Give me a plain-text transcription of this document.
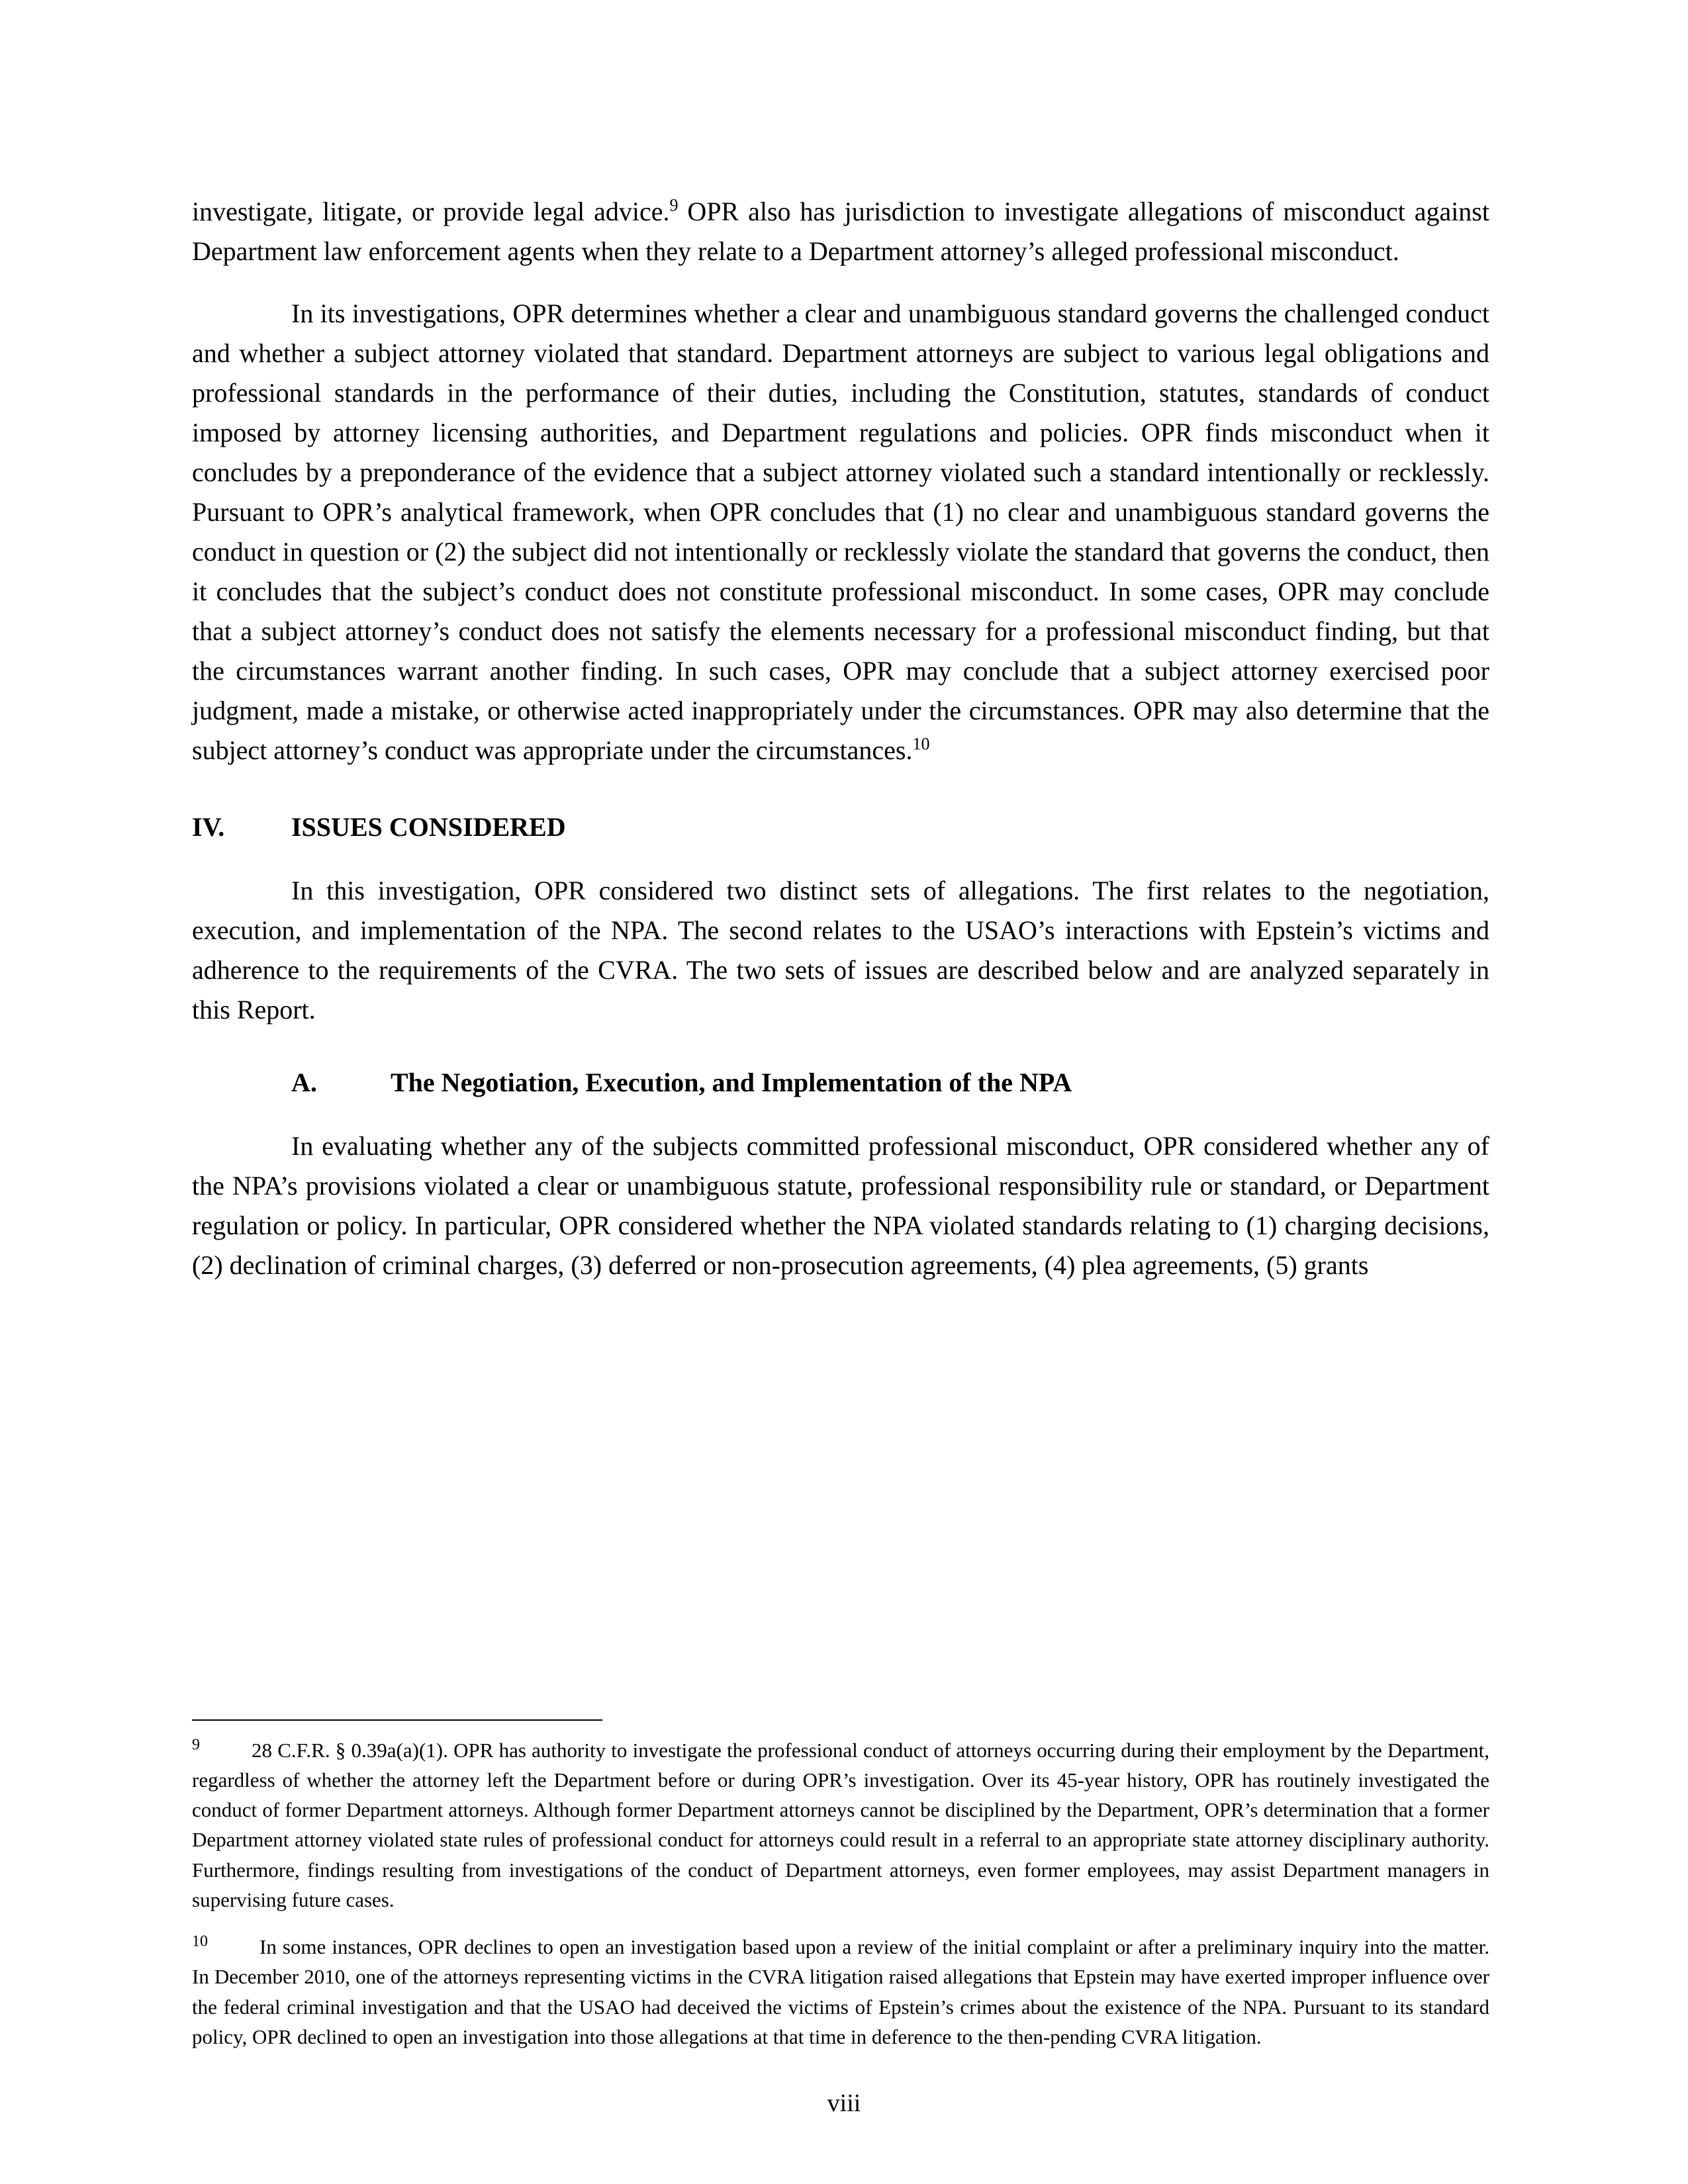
investigate, litigate, or provide legal advice.$^9$ OPR also has jurisdiction to investigate allegations of misconduct against Department law enforcement agents when they relate to a Department attorney’s alleged professional misconduct.

In its investigations, OPR determines whether a clear and unambiguous standard governs the challenged conduct and whether a subject attorney violated that standard. Department attorneys are subject to various legal obligations and professional standards in the performance of their duties, including the Constitution, statutes, standards of conduct imposed by attorney licensing authorities, and Department regulations and policies. OPR finds misconduct when it concludes by a preponderance of the evidence that a subject attorney violated such a standard intentionally or recklessly. Pursuant to OPR’s analytical framework, when OPR concludes that (1) no clear and unambiguous standard governs the conduct in question or (2) the subject did not intentionally or recklessly violate the standard that governs the conduct, then it concludes that the subject’s conduct does not constitute professional misconduct. In some cases, OPR may conclude that a subject attorney’s conduct does not satisfy the elements necessary for a professional misconduct finding, but that the circumstances warrant another finding. In such cases, OPR may conclude that a subject attorney exercised poor judgment, made a mistake, or otherwise acted inappropriately under the circumstances. OPR may also determine that the subject attorney’s conduct was appropriate under the circumstances.$^{10}$

IV.	ISSUES CONSIDERED

In this investigation, OPR considered two distinct sets of allegations. The first relates to the negotiation, execution, and implementation of the NPA. The second relates to the USAO’s interactions with Epstein’s victims and adherence to the requirements of the CVRA. The two sets of issues are described below and are analyzed separately in this Report.

A.	The Negotiation, Execution, and Implementation of the NPA

In evaluating whether any of the subjects committed professional misconduct, OPR considered whether any of the NPA’s provisions violated a clear or unambiguous statute, professional responsibility rule or standard, or Department regulation or policy. In particular, OPR considered whether the NPA violated standards relating to (1) charging decisions, (2) declination of criminal charges, (3) deferred or non-prosecution agreements, (4) plea agreements, (5) grants

$^9$	28 C.F.R. § 0.39a(a)(1). OPR has authority to investigate the professional conduct of attorneys occurring during their employment by the Department, regardless of whether the attorney left the Department before or during OPR’s investigation. Over its 45-year history, OPR has routinely investigated the conduct of former Department attorneys. Although former Department attorneys cannot be disciplined by the Department, OPR’s determination that a former Department attorney violated state rules of professional conduct for attorneys could result in a referral to an appropriate state attorney disciplinary authority. Furthermore, findings resulting from investigations of the conduct of Department attorneys, even former employees, may assist Department managers in supervising future cases.

$^{10}$	In some instances, OPR declines to open an investigation based upon a review of the initial complaint or after a preliminary inquiry into the matter. In December 2010, one of the attorneys representing victims in the CVRA litigation raised allegations that Epstein may have exerted improper influence over the federal criminal investigation and that the USAO had deceived the victims of Epstein’s crimes about the existence of the NPA. Pursuant to its standard policy, OPR declined to open an investigation into those allegations at that time in deference to the then-pending CVRA litigation.

viii
